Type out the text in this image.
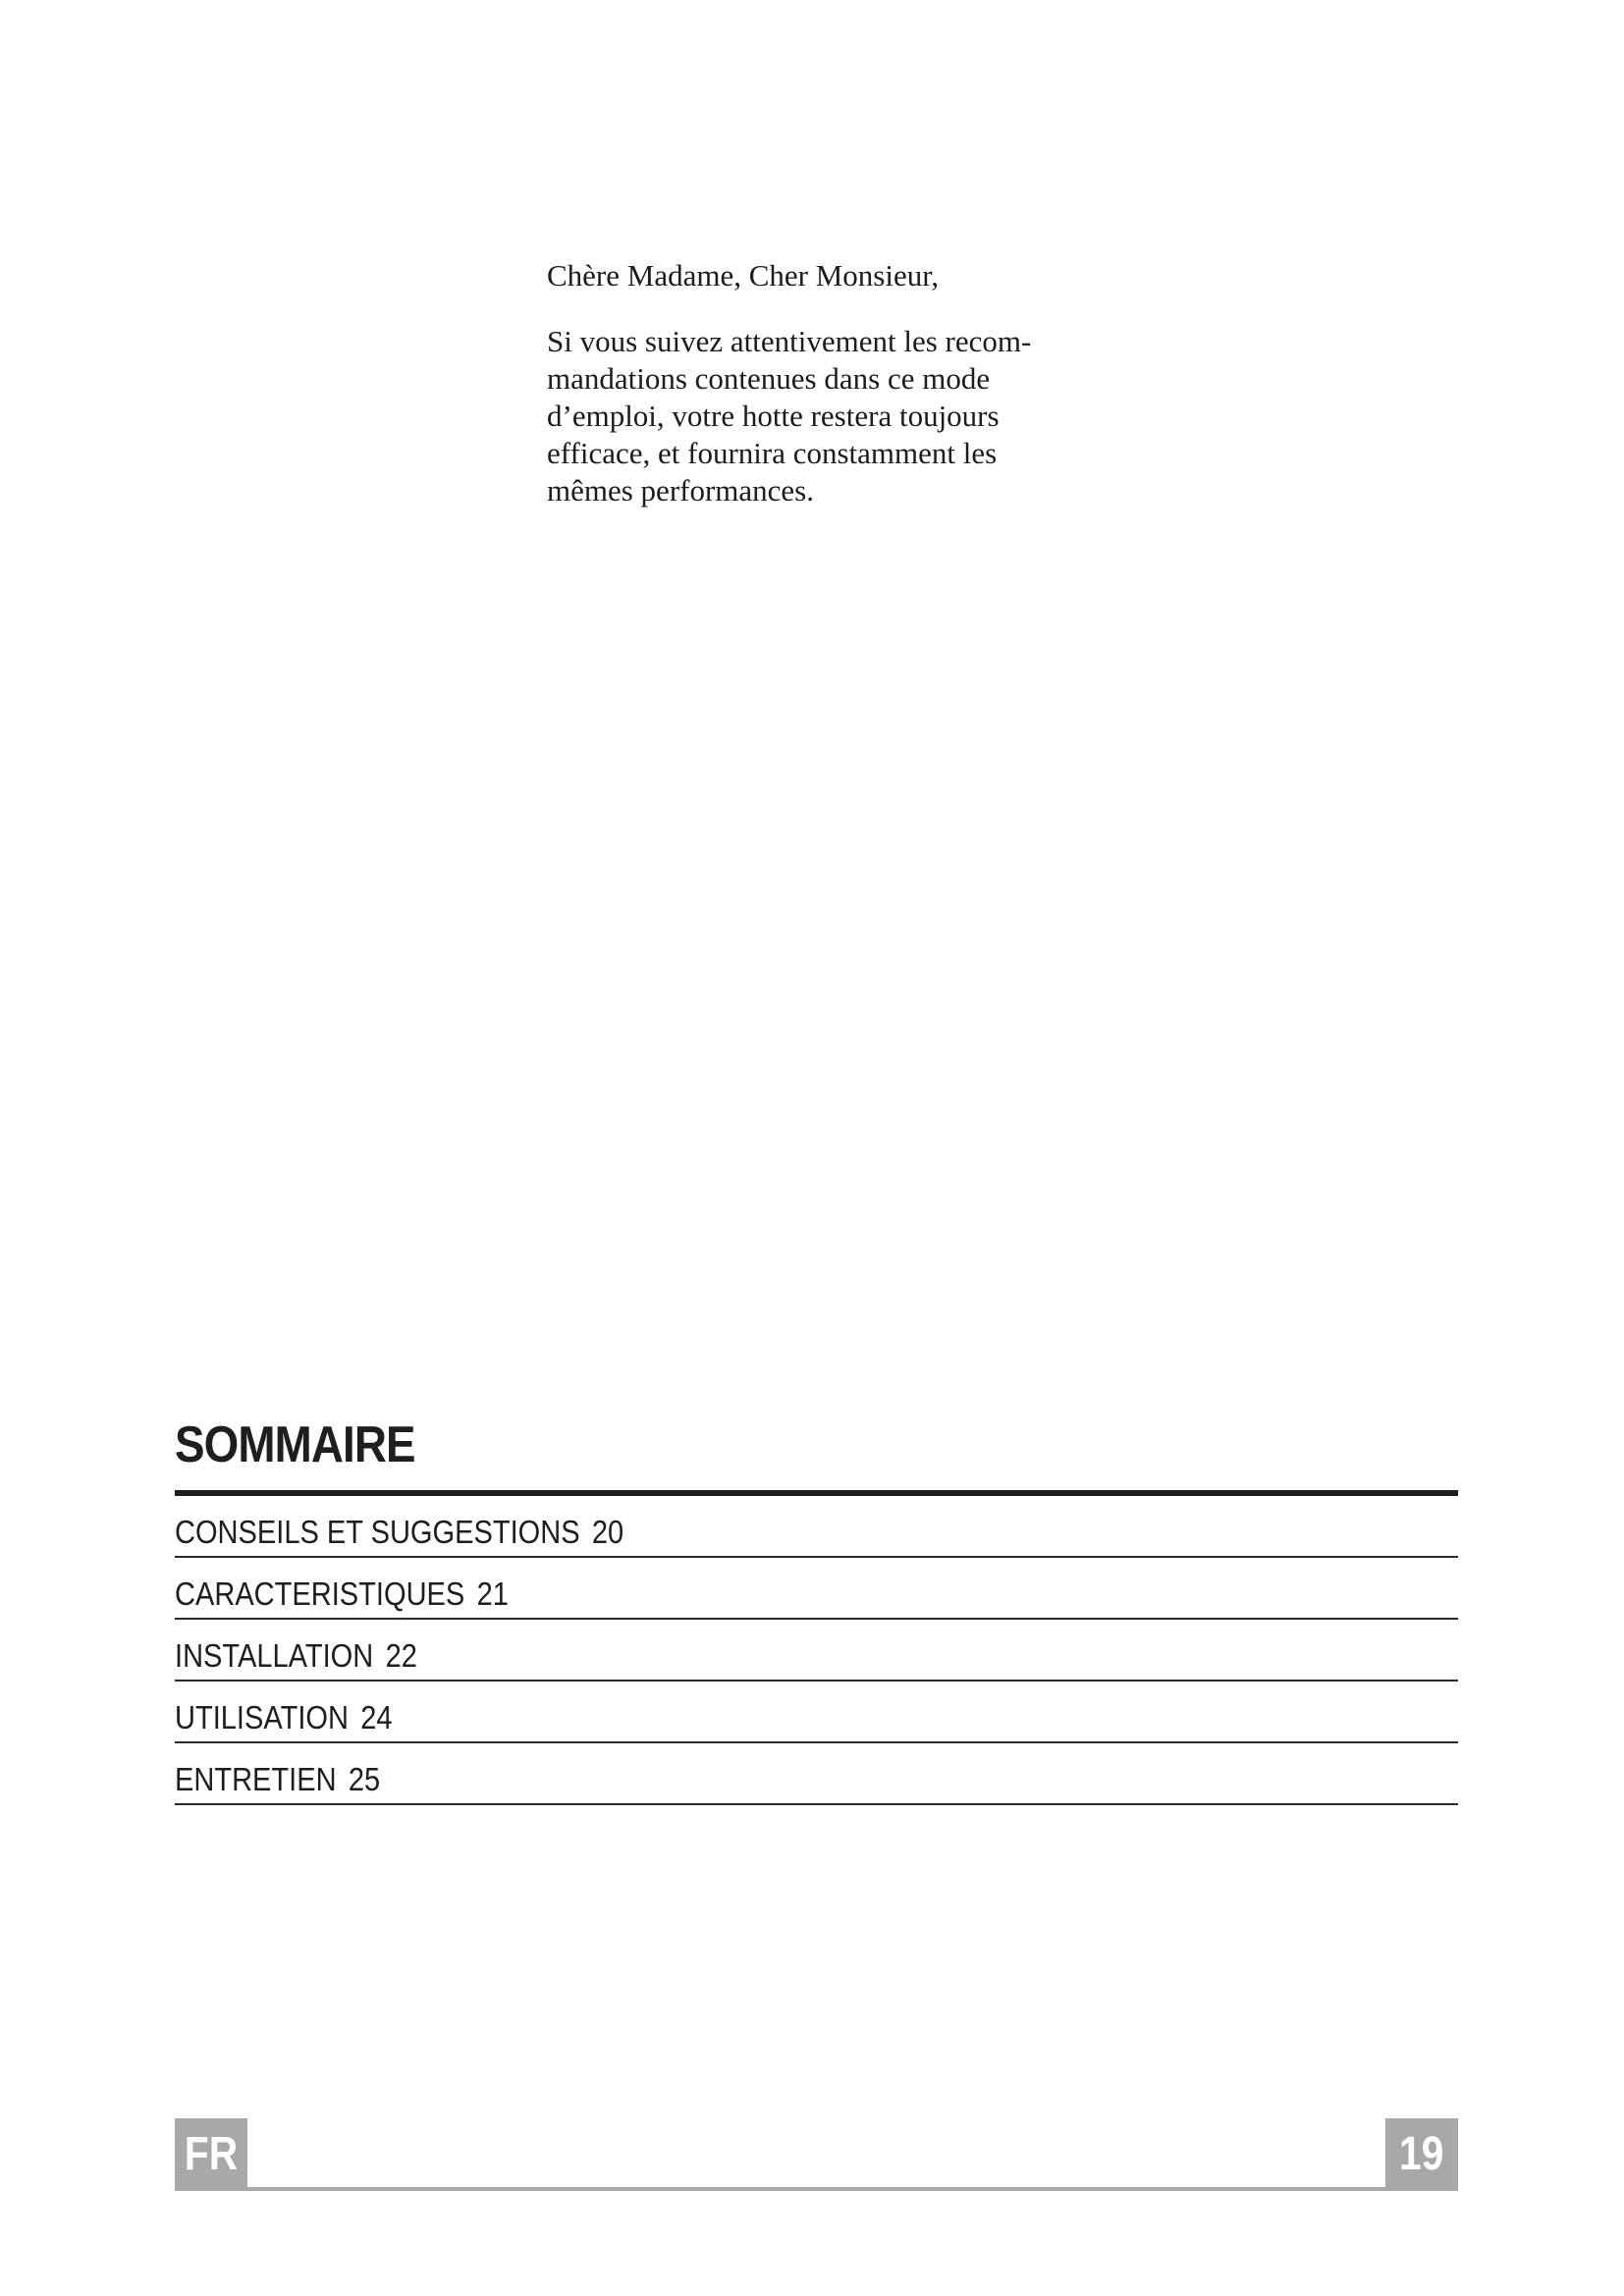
Chère Madame, Cher Monsieur,

Si vous suivez attentivement les recom-
mandations contenues dans ce mode
d’emploi, votre hotte restera toujours
efficace, et fournira constamment les
mêmes performances.

SOMMAIRE
CONSEILS ET SUGGESTIONS 20
CARACTERISTIQUES 21
INSTALLATION 22
UTILISATION 24
ENTRETIEN 25
FR	19
